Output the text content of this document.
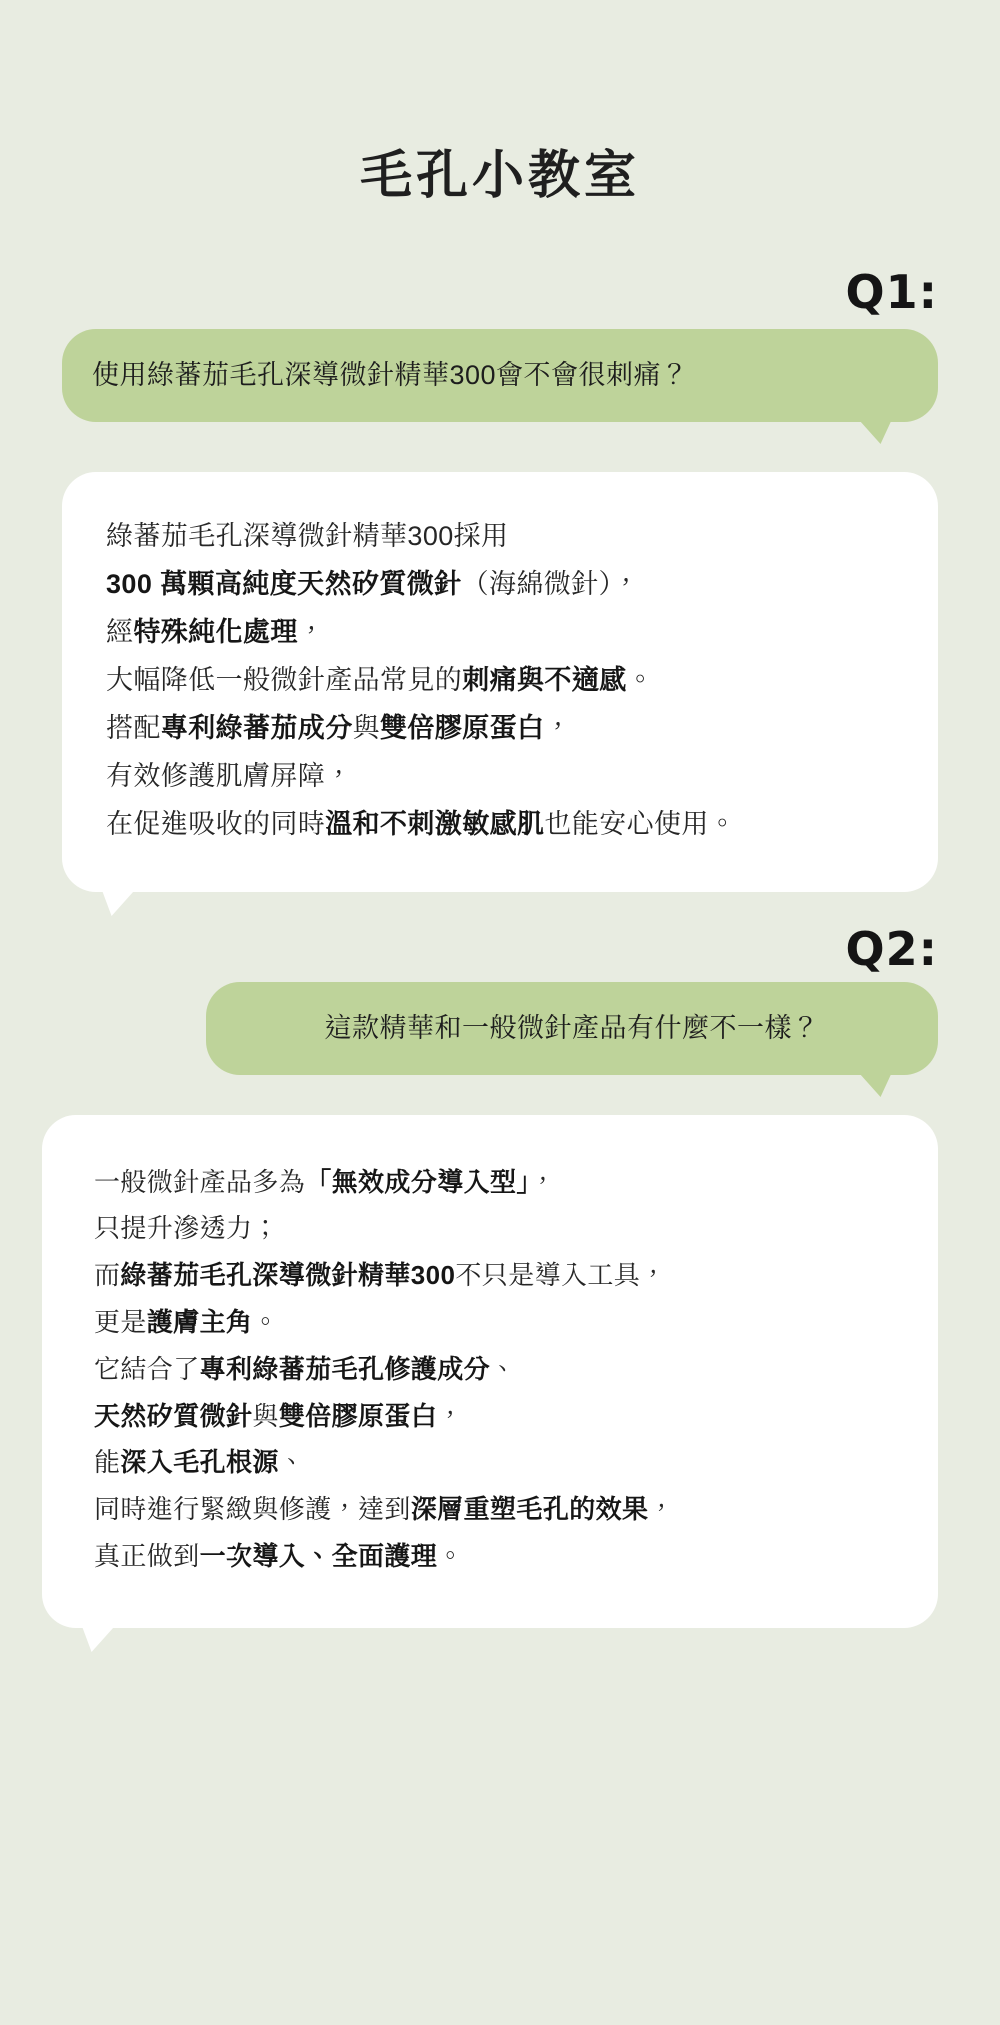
毛孔小教室
Q1:
使用綠蕃茄毛孔深導微針精華300會不會很刺痛？
綠蕃茄毛孔深導微針精華300採用
300 萬顆高純度天然矽質微針（海綿微針），
經特殊純化處理，
大幅降低一般微針產品常見的刺痛與不適感。
搭配專利綠蕃茄成分與雙倍膠原蛋白，
有效修護肌膚屏障，
在促進吸收的同時溫和不刺激敏感肌也能安心使用。
Q2:
這款精華和一般微針產品有什麼不一樣？
一般微針產品多為「無效成分導入型」，
只提升滲透力；
而綠蕃茄毛孔深導微針精華300不只是導入工具，
更是護膚主角。
它結合了專利綠蕃茄毛孔修護成分、
天然矽質微針與雙倍膠原蛋白，
能深入毛孔根源、
同時進行緊緻與修護，達到深層重塑毛孔的效果，
真正做到一次導入、全面護理。
